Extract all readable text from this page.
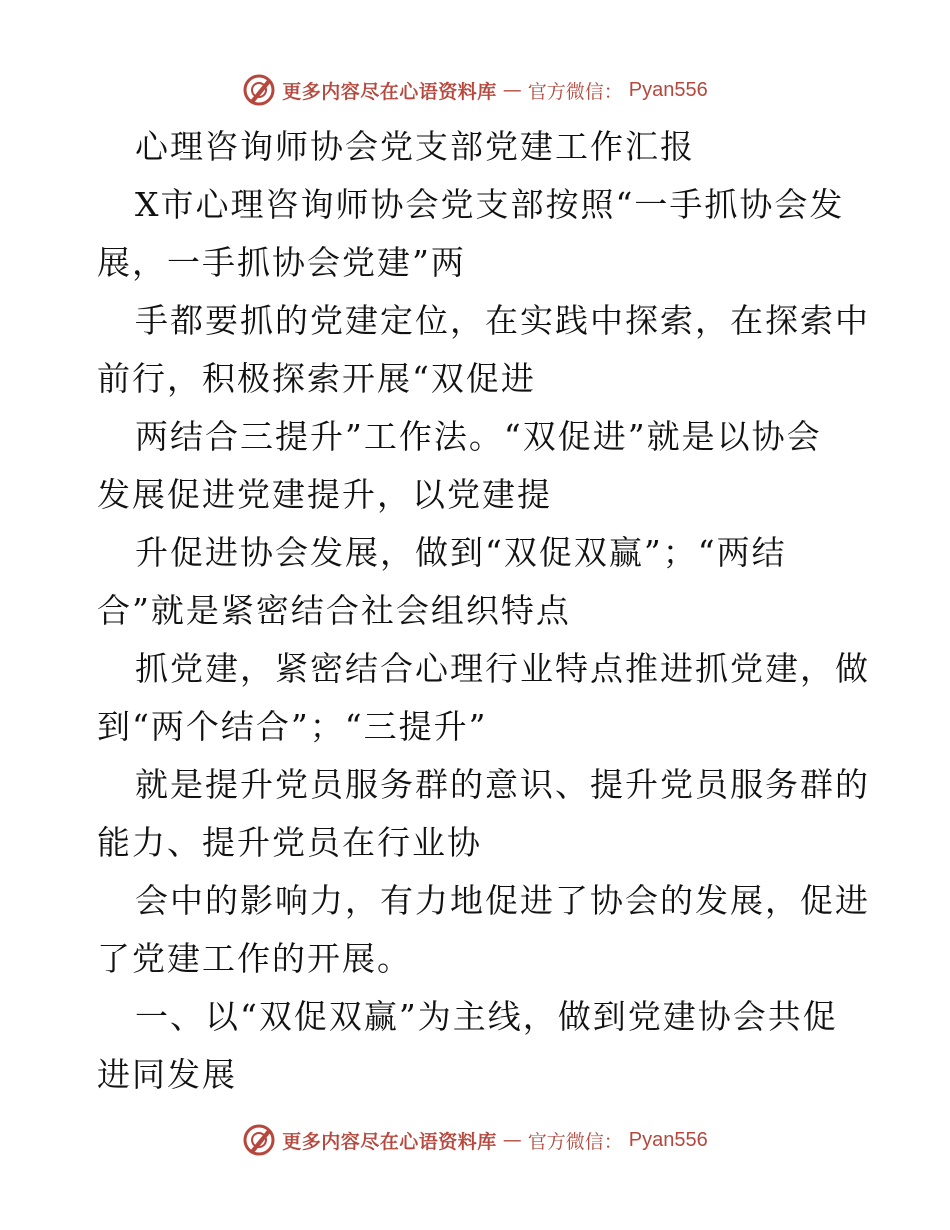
更多内容尽在心语资料库 — 官方微信： Pyan556
心理咨询师协会党支部党建工作汇报
X市心理咨询师协会党支部按照“一手抓协会发
展，一手抓协会党建”两
手都要抓的党建定位，在实践中探索，在探索中
前行，积极探索开展“双促进
两结合三提升”工作法。“双促进”就是以协会
发展促进党建提升，以党建提
升促进协会发展，做到“双促双赢”；“两结
合”就是紧密结合社会组织特点
抓党建，紧密结合心理行业特点推进抓党建，做
到“两个结合”；“三提升”
就是提升党员服务群的意识、提升党员服务群的
能力、提升党员在行业协
会中的影响力，有力地促进了协会的发展，促进
了党建工作的开展。
一、以“双促双赢”为主线，做到党建协会共促
进同发展
更多内容尽在心语资料库 — 官方微信： Pyan556
